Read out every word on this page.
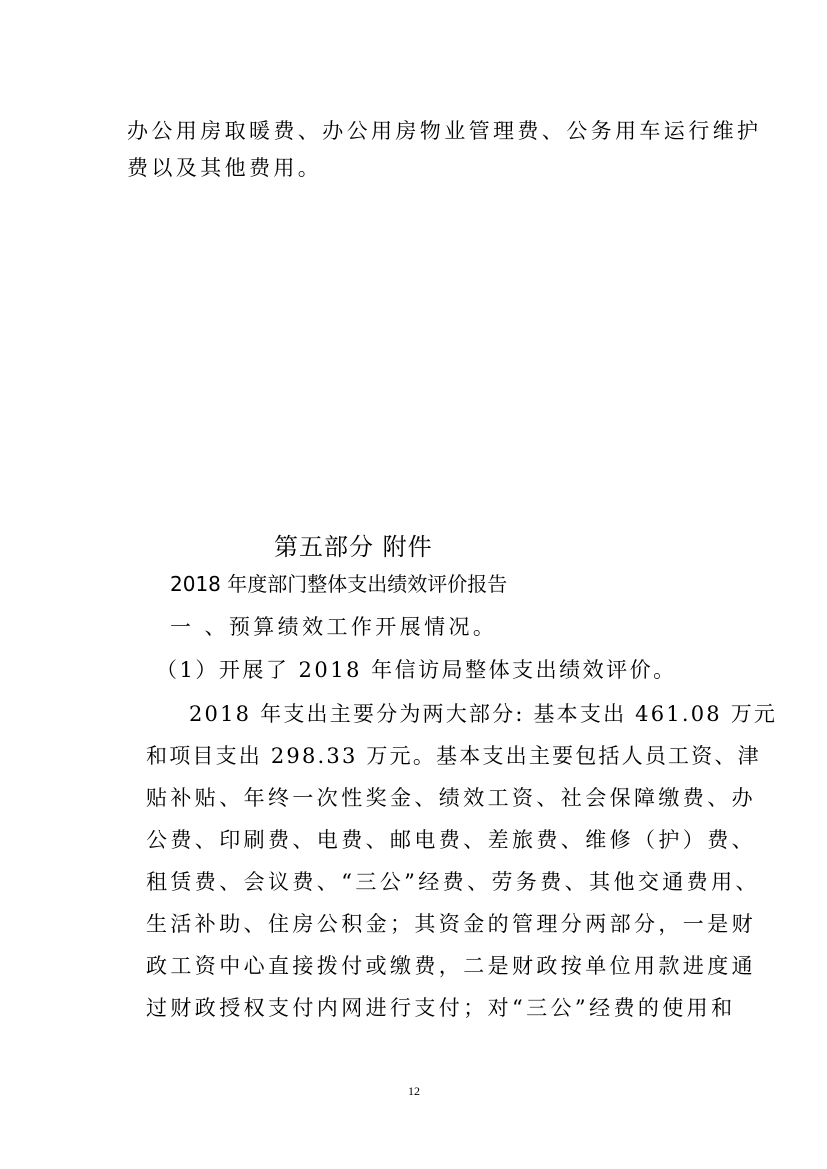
办公用房取暖费、办公用房物业管理费、公务用车运行维护

费以及其他费用。

第五部分 附件

2018 年度部门整体支出绩效评价报告

一 、预算绩效工作开展情况。

（1）开展了 2018 年信访局整体支出绩效评价。

2018 年支出主要分为两大部分: 基本支出 461.08 万元

和项目支出 298.33 万元。基本支出主要包括人员工资、津

贴补贴、年终一次性奖金、绩效工资、社会保障缴费、办

公费、印刷费、电费、邮电费、差旅费、维修（护）费、

租赁费、会议费、“三公”经费、劳务费、其他交通费用、

生活补助、住房公积金；其资金的管理分两部分，一是财

政工资中心直接拨付或缴费，二是财政按单位用款进度通

过财政授权支付内网进行支付；对“三公”经费的使用和

12
